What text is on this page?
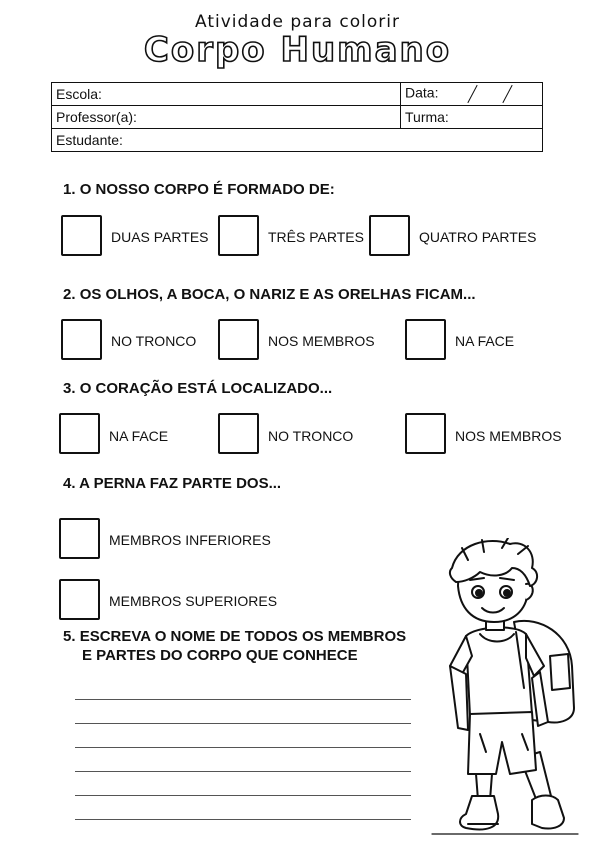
Atividade para colorir
Corpo Humano
Escola:	Data:
Professor(a):	Turma:
Estudante:	
1. O NOSSO CORPO É FORMADO DE:
DUAS PARTES	TRÊS PARTES	QUATRO PARTES
2. OS OLHOS, A BOCA, O NARIZ E AS ORELHAS FICAM...
NO TRONCO	NOS MEMBROS	NA FACE
3. O CORAÇÃO ESTÁ LOCALIZADO...
NA FACE	NO TRONCO	NOS MEMBROS
4. A PERNA FAZ PARTE DOS...
MEMBROS INFERIORES
MEMBROS SUPERIORES
5. ESCREVA O NOME DE TODOS OS MEMBROS
E PARTES DO CORPO QUE CONHECE
